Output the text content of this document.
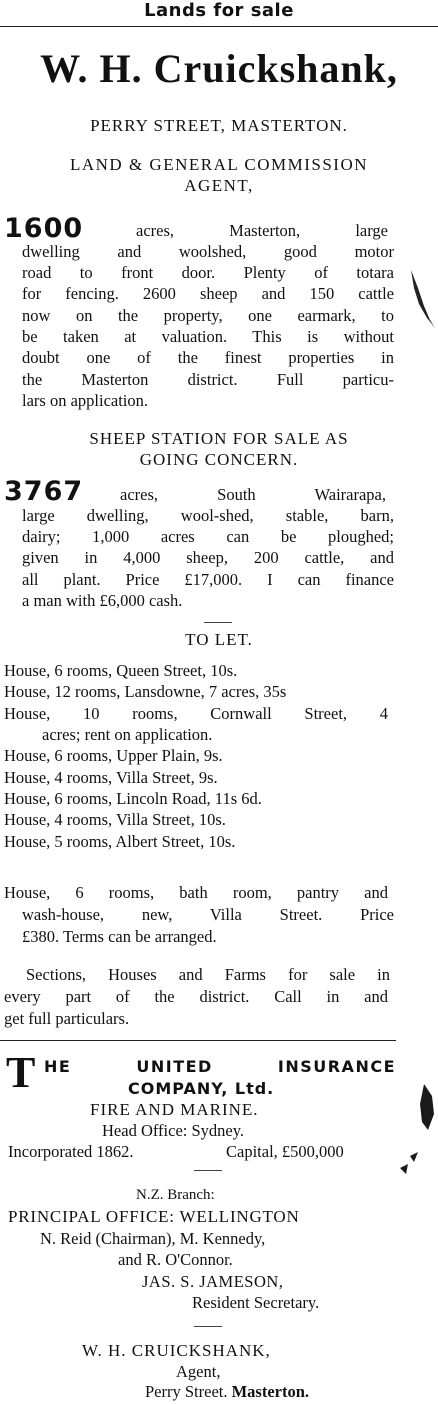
Lands for sale
W. H. Cruickshank,
PERRY STREET, MASTERTON.
LAND & GENERAL COMMISSION
AGENT,
1600	acres, Masterton, large
dwelling and woolshed, good motor
road to front door. Plenty of totara
for fencing. 2600 sheep and 150 cattle
now on the property, one earmark, to
be taken at valuation. This is without
doubt one of the finest properties in
the Masterton district. Full particu-
lars on application.
SHEEP STATION FOR SALE AS
GOING CONCERN.
3767 acres, South Wairarapa,
large dwelling, wool-shed, stable, barn,
dairy; 1,000 acres can be ploughed;
given in 4,000 sheep, 200 cattle, and
all plant. Price £17,000. I can finance
a man with £6,000 cash.
TO LET.
House, 6 rooms, Queen Street, 10s.
House, 12 rooms, Lansdowne, 7 acres, 35s
House, 10 rooms, Cornwall Street, 4
acres; rent on application.
House, 6 rooms, Upper Plain, 9s.
House, 4 rooms, Villa Street, 9s.
House, 6 rooms, Lincoln Road, 11s 6d.
House, 4 rooms, Villa Street, 10s.
House, 5 rooms, Albert Street, 10s.
House, 6 rooms, bath room, pantry and
wash-house, new, Villa Street. Price
£380. Terms can be arranged.
Sections, Houses and Farms for sale in
every part of the district. Call in and
get full particulars.
T HE UNITED INSURANCE
COMPANY, Ltd.
FIRE AND MARINE.
Head Office: Sydney.
Incorporated 1862.	Capital, £500,000
N.Z. Branch:
PRINCIPAL OFFICE: WELLINGTON
N. Reid (Chairman), M. Kennedy,
and R. O'Connor.
JAS. S. JAMESON,
Resident Secretary.
W. H. CRUICKSHANK,
Agent,
Perry Street. Masterton.
